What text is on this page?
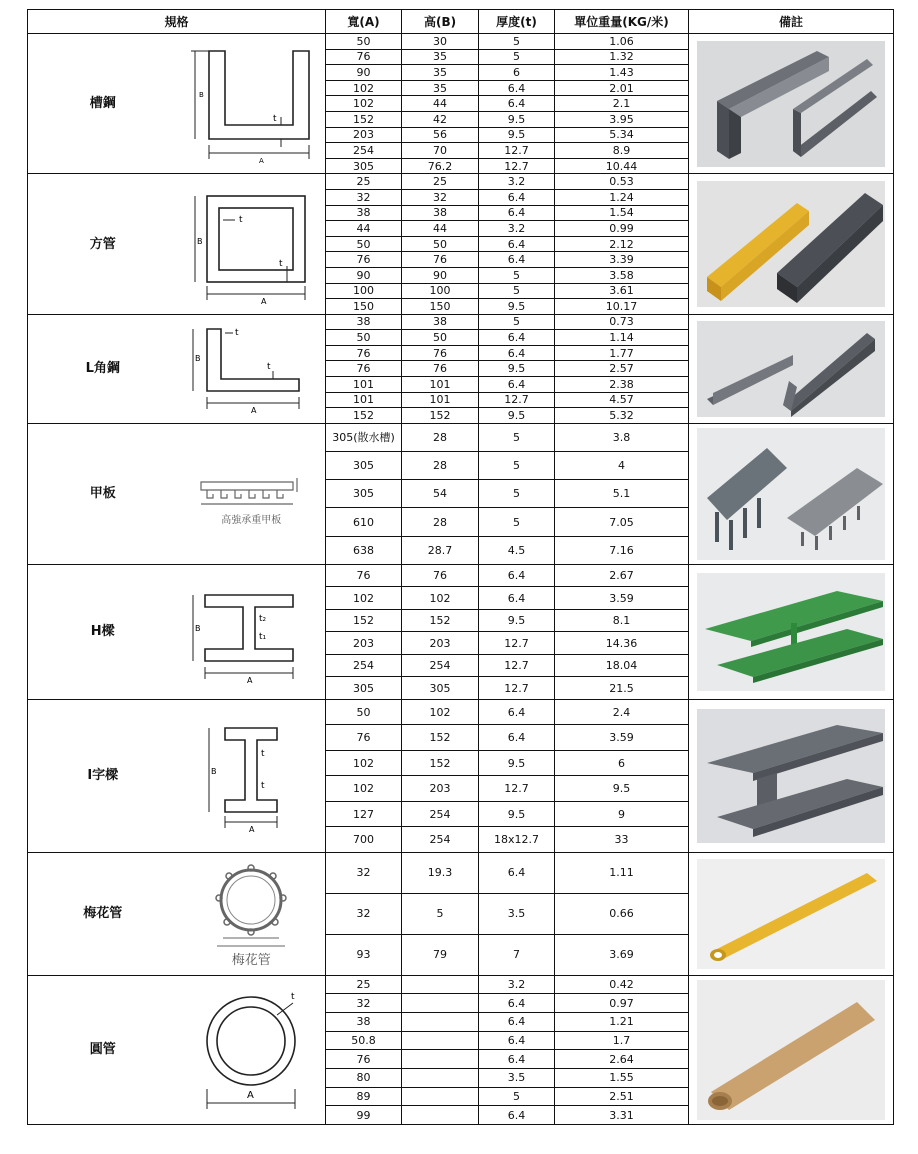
規格		寬(A)	高(B)	厚度(t)	單位重量(KG/米)	備註
槽鋼	B
A
t	50	30	5	1.06	

		76	35	5	1.32	
		90	35	6	1.43	
		102	35	6.4	2.01	
		102	44	6.4	2.1	
		152	42	9.5	3.95	
		203	56	9.5	5.34	
		254	70	12.7	8.9	
		305	76.2	12.7	10.44	
方管	B
A
t
t	25	25	3.2	0.53	

		32	32	6.4	1.24	
		38	38	6.4	1.54	
		44	44	3.2	0.99	
		50	50	6.4	2.12	
		76	76	6.4	3.39	
		90	90	5	3.58	
		100	100	5	3.61	
		150	150	9.5	10.17	
L角鋼	B
A
t
t	38	38	5	0.73	

		50	50	6.4	1.14	
		76	76	6.4	1.77	
		76	76	9.5	2.57	
		101	101	6.4	2.38	
		101	101	12.7	4.57	
		152	152	9.5	5.32	
甲板	高強承重甲板	305(散水槽)	28	5	3.8	

		305	28	5	4	
		305	54	5	5.1	
		610	28	5	7.05	
		638	28.7	4.5	7.16	
H樑	B
A
t₂
t₁	76	76	6.4	2.67	

		102	102	6.4	3.59	
		152	152	9.5	8.1	
		203	203	12.7	14.36	
		254	254	12.7	18.04	
		305	305	12.7	21.5	
I字樑	B
A
t
t	50	102	6.4	2.4	

		76	152	6.4	3.59	
		102	152	9.5	6	
		102	203	12.7	9.5	
		127	254	9.5	9	
		700	254	18x12.7	33	
梅花管	梅花管	32	19.3	6.4	1.11	

		32	5	3.5	0.66	
		93	79	7	3.69	
圓管	A
t	25		3.2	0.42	

		32		6.4	0.97	
		38		6.4	1.21	
		50.8		6.4	1.7	
		76		6.4	2.64	
		80		3.5	1.55	
		89		5	2.51	
		99		6.4	3.31	
